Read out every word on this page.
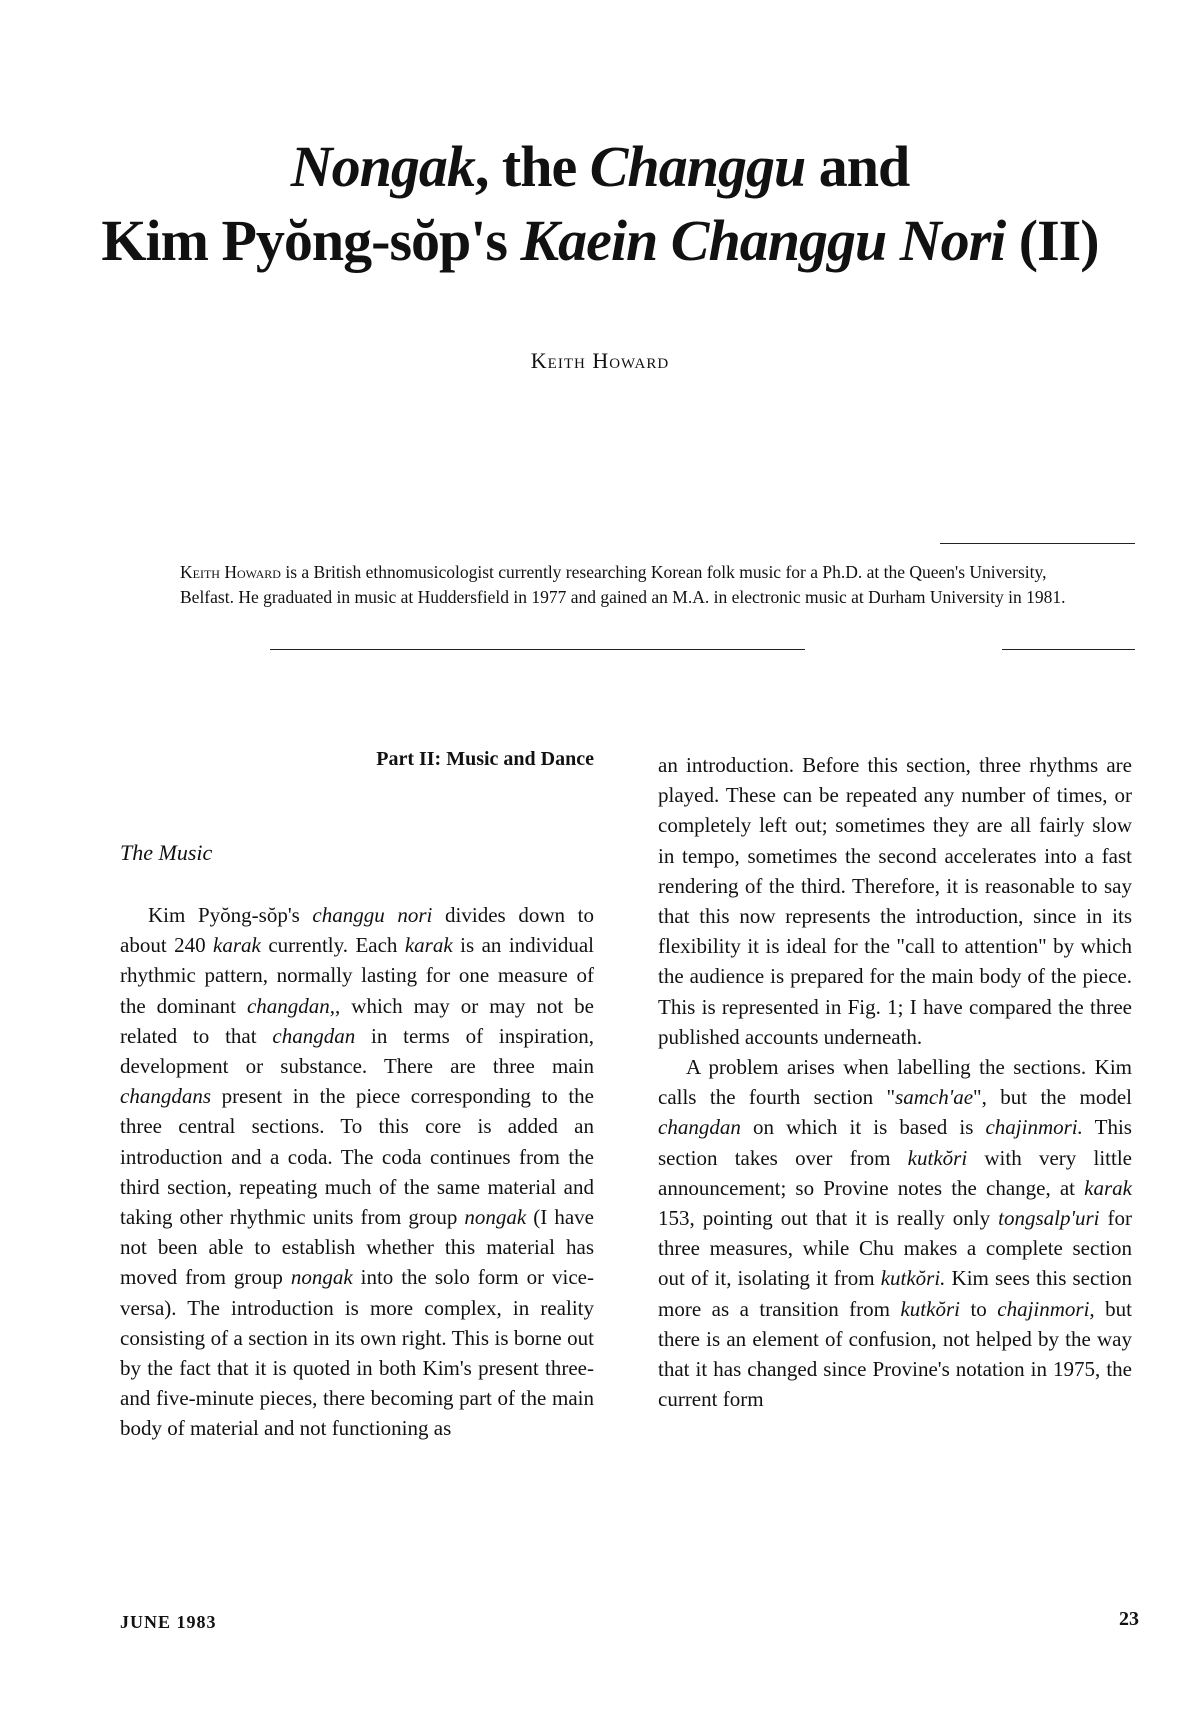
Nongak, the Changgu and
Kim Pyŏng-sŏp's Kaein Changgu Nori (II)
Keith Howard
Keith Howard is a British ethnomusicologist currently researching Korean folk music for a Ph.D. at the Queen's University, Belfast. He graduated in music at Huddersfield in 1977 and gained an M.A. in electronic music at Durham University in 1981.
Part II: Music and Dance
The Music

Kim Pyŏng-sŏp's changgu nori divides down to about 240 karak currently. Each karak is an individual rhythmic pattern, normally lasting for one measure of the dominant changdan,, which may or may not be related to that changdan in terms of inspiration, development or substance. There are three main changdans present in the piece corresponding to the three central sections. To this core is added an introduction and a coda. The coda continues from the third section, repeating much of the same material and taking other rhythmic units from group nongak (I have not been able to establish whether this material has moved from group nongak into the solo form or vice-versa). The introduction is more complex, in reality consisting of a section in its own right. This is borne out by the fact that it is quoted in both Kim's present three- and five-minute pieces, there becoming part of the main body of material and not functioning as

an introduction. Before this section, three rhythms are played. These can be repeated any number of times, or completely left out; sometimes they are all fairly slow in tempo, sometimes the second accelerates into a fast rendering of the third. Therefore, it is reasonable to say that this now represents the introduction, since in its flexibility it is ideal for the "call to attention" by which the audience is prepared for the main body of the piece. This is represented in Fig. 1; I have compared the three published accounts underneath.

A problem arises when labelling the sections. Kim calls the fourth section "samch'ae", but the model changdan on which it is based is chajinmori. This section takes over from kutkŏri with very little announcement; so Provine notes the change, at karak 153, pointing out that it is really only tongsalp'uri for three measures, while Chu makes a complete section out of it, isolating it from kutkŏri. Kim sees this section more as a transition from kutkŏri to chajinmori, but there is an element of confusion, not helped by the way that it has changed since Provine's notation in 1975, the current form

JUNE 1983	23
